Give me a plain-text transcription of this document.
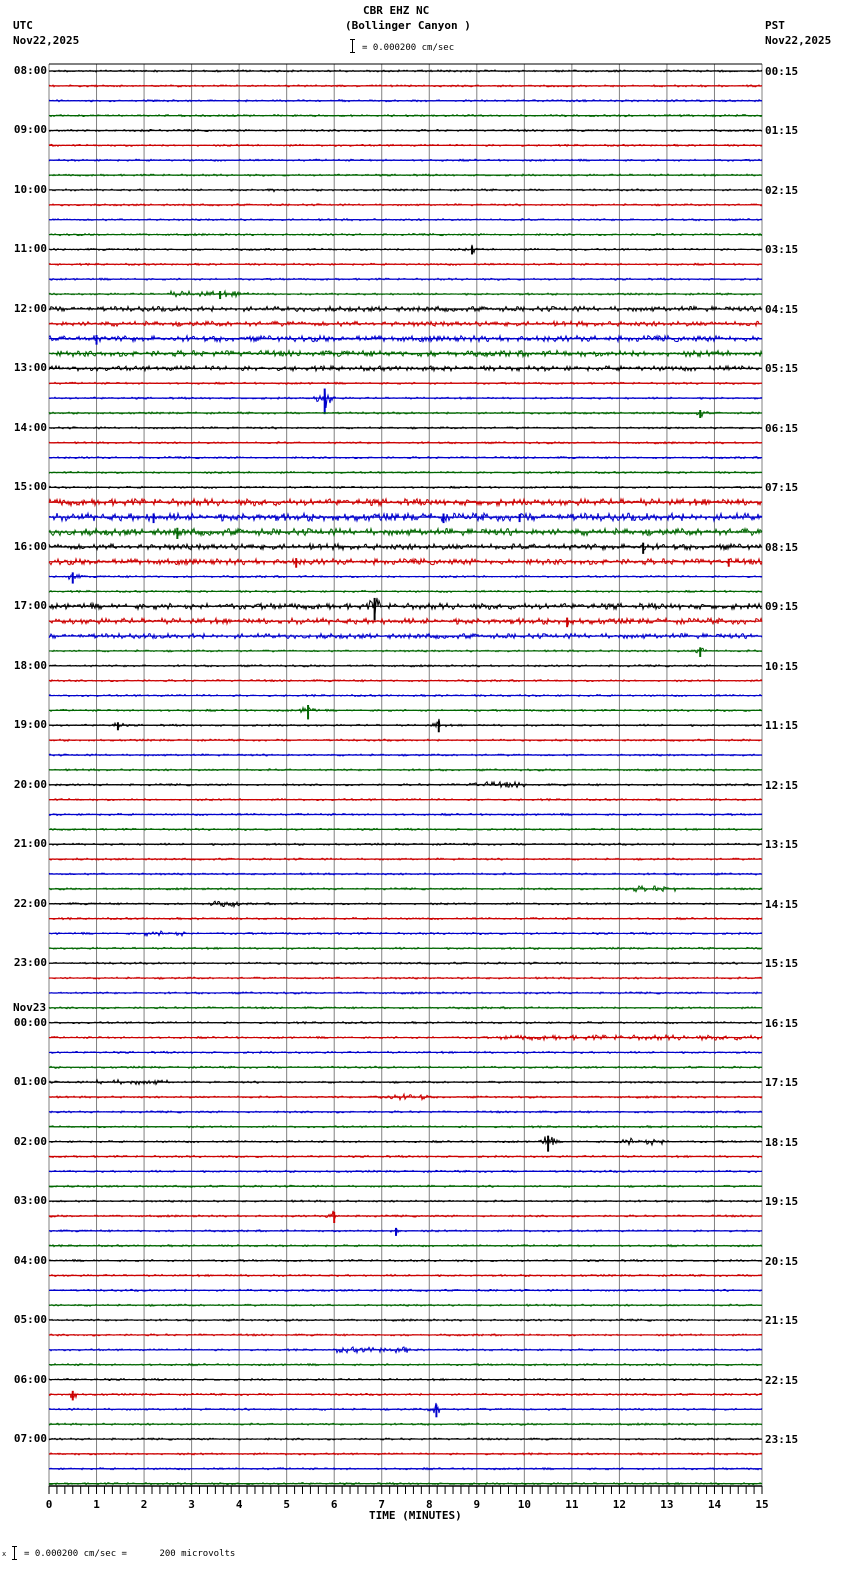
CBR EHZ NC
(Bollinger Canyon )
UTC
Nov22,2025
PST
Nov22,2025
= 0.000200 cm/sec
08:00
09:00
10:00
11:00
12:00
13:00
14:00
15:00
16:00
17:00
18:00
19:00
20:00
21:00
22:00
23:00
Nov23
00:00
01:00
02:00
03:00
04:00
05:00
06:00
07:00
00:15
01:15
02:15
03:15
04:15
05:15
06:15
07:15
08:15
09:15
10:15
11:15
12:15
13:15
14:15
15:15
16:15
17:15
18:15
19:15
20:15
21:15
22:15
23:15
0	1	2	3	4	5	6	7	8	9	10	11	12	13	14	15
TIME (MINUTES)
x = 0.000200 cm/sec =      200 microvolts
